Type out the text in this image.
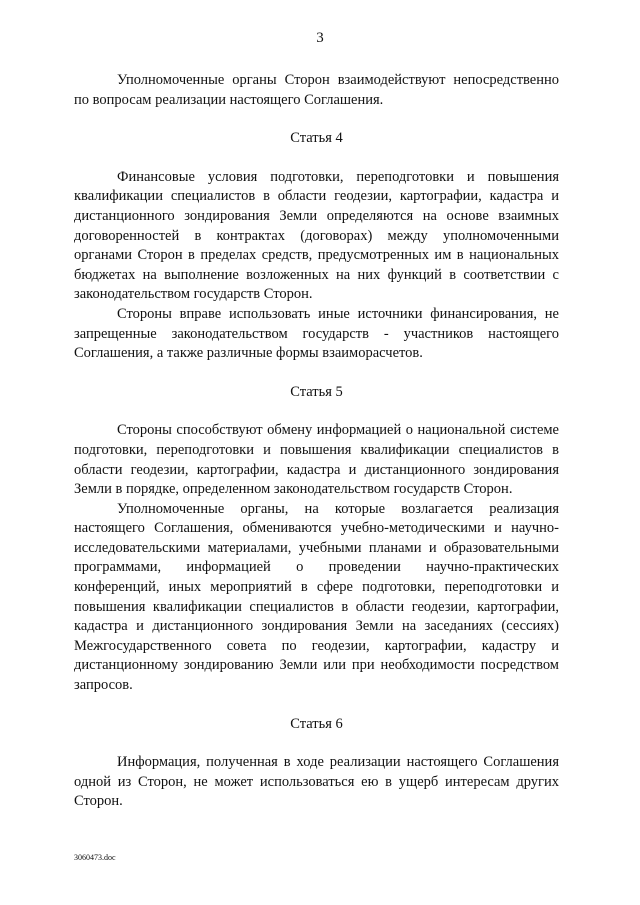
3

Уполномоченные органы Сторон взаимодействуют непосредственно по вопросам реализации настоящего Соглашения.

Статья 4

Финансовые условия подготовки, переподготовки и повышения квалификации специалистов в области геодезии, картографии, кадастра и дистанционного зондирования Земли определяются на основе взаимных договоренностей в контрактах (договорах) между уполномоченными органами Сторон в пределах средств, предусмотренных им в национальных бюджетах на выполнение возложенных на них функций в соответствии с законодательством государств Сторон.

Стороны вправе использовать иные источники финансирования, не запрещенные законодательством государств - участников настоящего Соглашения, а также различные формы взаиморасчетов.

Статья 5

Стороны способствуют обмену информацией о национальной системе подготовки, переподготовки и повышения квалификации специалистов в области геодезии, картографии, кадастра и дистанционного зондирования Земли в порядке, определенном законодательством государств Сторон.

Уполномоченные органы, на которые возлагается реализация настоящего Соглашения, обмениваются учебно-методическими и научно-исследовательскими материалами, учебными планами и образовательными программами, информацией о проведении научно-практических конференций, иных мероприятий в сфере подготовки, переподготовки и повышения квалификации специалистов в области геодезии, картографии, кадастра и дистанционного зондирования Земли на заседаниях (сессиях) Межгосударственного совета по геодезии, картографии, кадастру и дистанционному зондированию Земли или при необходимости посредством запросов.

Статья 6

Информация, полученная в ходе реализации настоящего Соглашения одной из Сторон, не может использоваться ею в ущерб интересам других Сторон.

3060473.doc
